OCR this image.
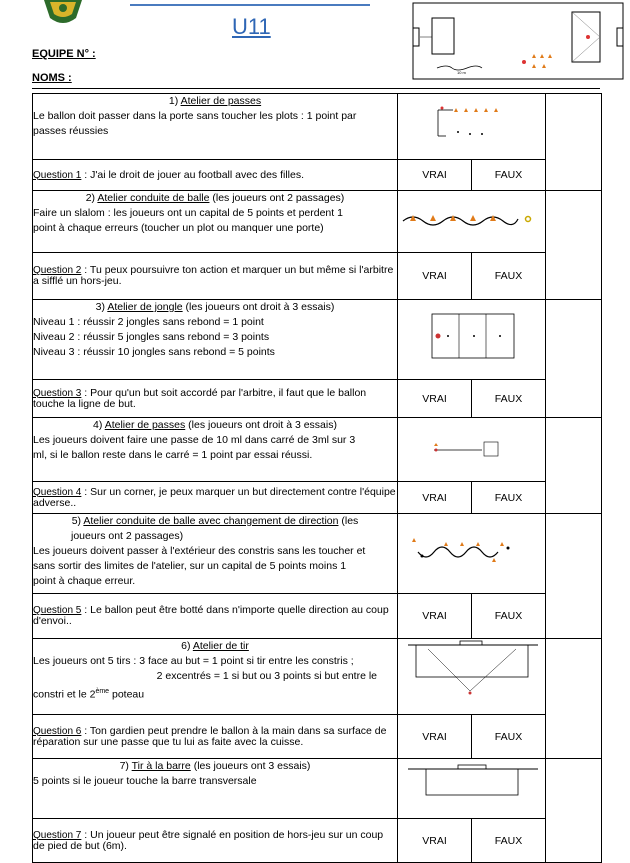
U11
EQUIPE N° :
NOMS :	10 m
1) Atelier de passes
Le ballon doit passer dans la porte sans toucher les plots : 1 point par
passes réussies

Question 1 : J'ai le droit de jouer au football avec des filles.	VRAI	FAUX	

2) Atelier conduite de balle (les joueurs ont 2 passages)
Faire un slalom : les joueurs ont un capital de 5 points et perdent 1
point à chaque erreurs (toucher un plot ou manquer une porte)

Question 2 : Tu peux poursuivre ton action et marquer un but même si l'arbitre a sifflé un hors-jeu.	VRAI	FAUX	

3) Atelier de jongle (les joueurs ont droit à 3 essais)
Niveau 1 : réussir 2 jongles sans rebond = 1 point
Niveau 2 : réussir 5 jongles sans rebond = 3 points
Niveau 3 : réussir 10 jongles sans rebond = 5 points

Question 3 : Pour qu'un but soit accordé par l'arbitre, il faut que le ballon touche la ligne de but.	VRAI	FAUX	

4) Atelier de passes (les joueurs ont droit à 3 essais)
Les joueurs doivent faire une passe de 10 ml dans carré de 3ml sur 3
ml, si le ballon reste dans le carré = 1 point par essai réussi.

Question 4 : Sur un corner, je peux marquer un but directement contre l'équipe adverse..	VRAI	FAUX	

5) Atelier conduite de balle avec changement de direction (les
joueurs ont 2 passages)
Les joueurs doivent passer à l'extérieur des constris sans les toucher et
sans sortir des limites de l'atelier, sur un capital de 5 points moins 1
point à chaque erreur.

Question 5 : Le ballon peut être botté dans n'importe quelle direction au coup d'envoi..	VRAI	FAUX	

6) Atelier de tir
Les joueurs ont 5 tirs : 3 face au but = 1 point si tir entre les constris ;
2 excentrés = 1 si but ou 3 points si but entre le
constri et le 2ème poteau

Question 6 : Ton gardien peut prendre le ballon à la main dans sa surface de réparation sur une passe que tu lui as faite avec la cuisse.	VRAI	FAUX	

7) Tir à la barre (les joueurs ont 3 essais)
5 points si le joueur touche la barre transversale

Question 7 : Un joueur peut être signalé en position de hors-jeu sur un coup de pied de but (6m).	VRAI	FAUX	
